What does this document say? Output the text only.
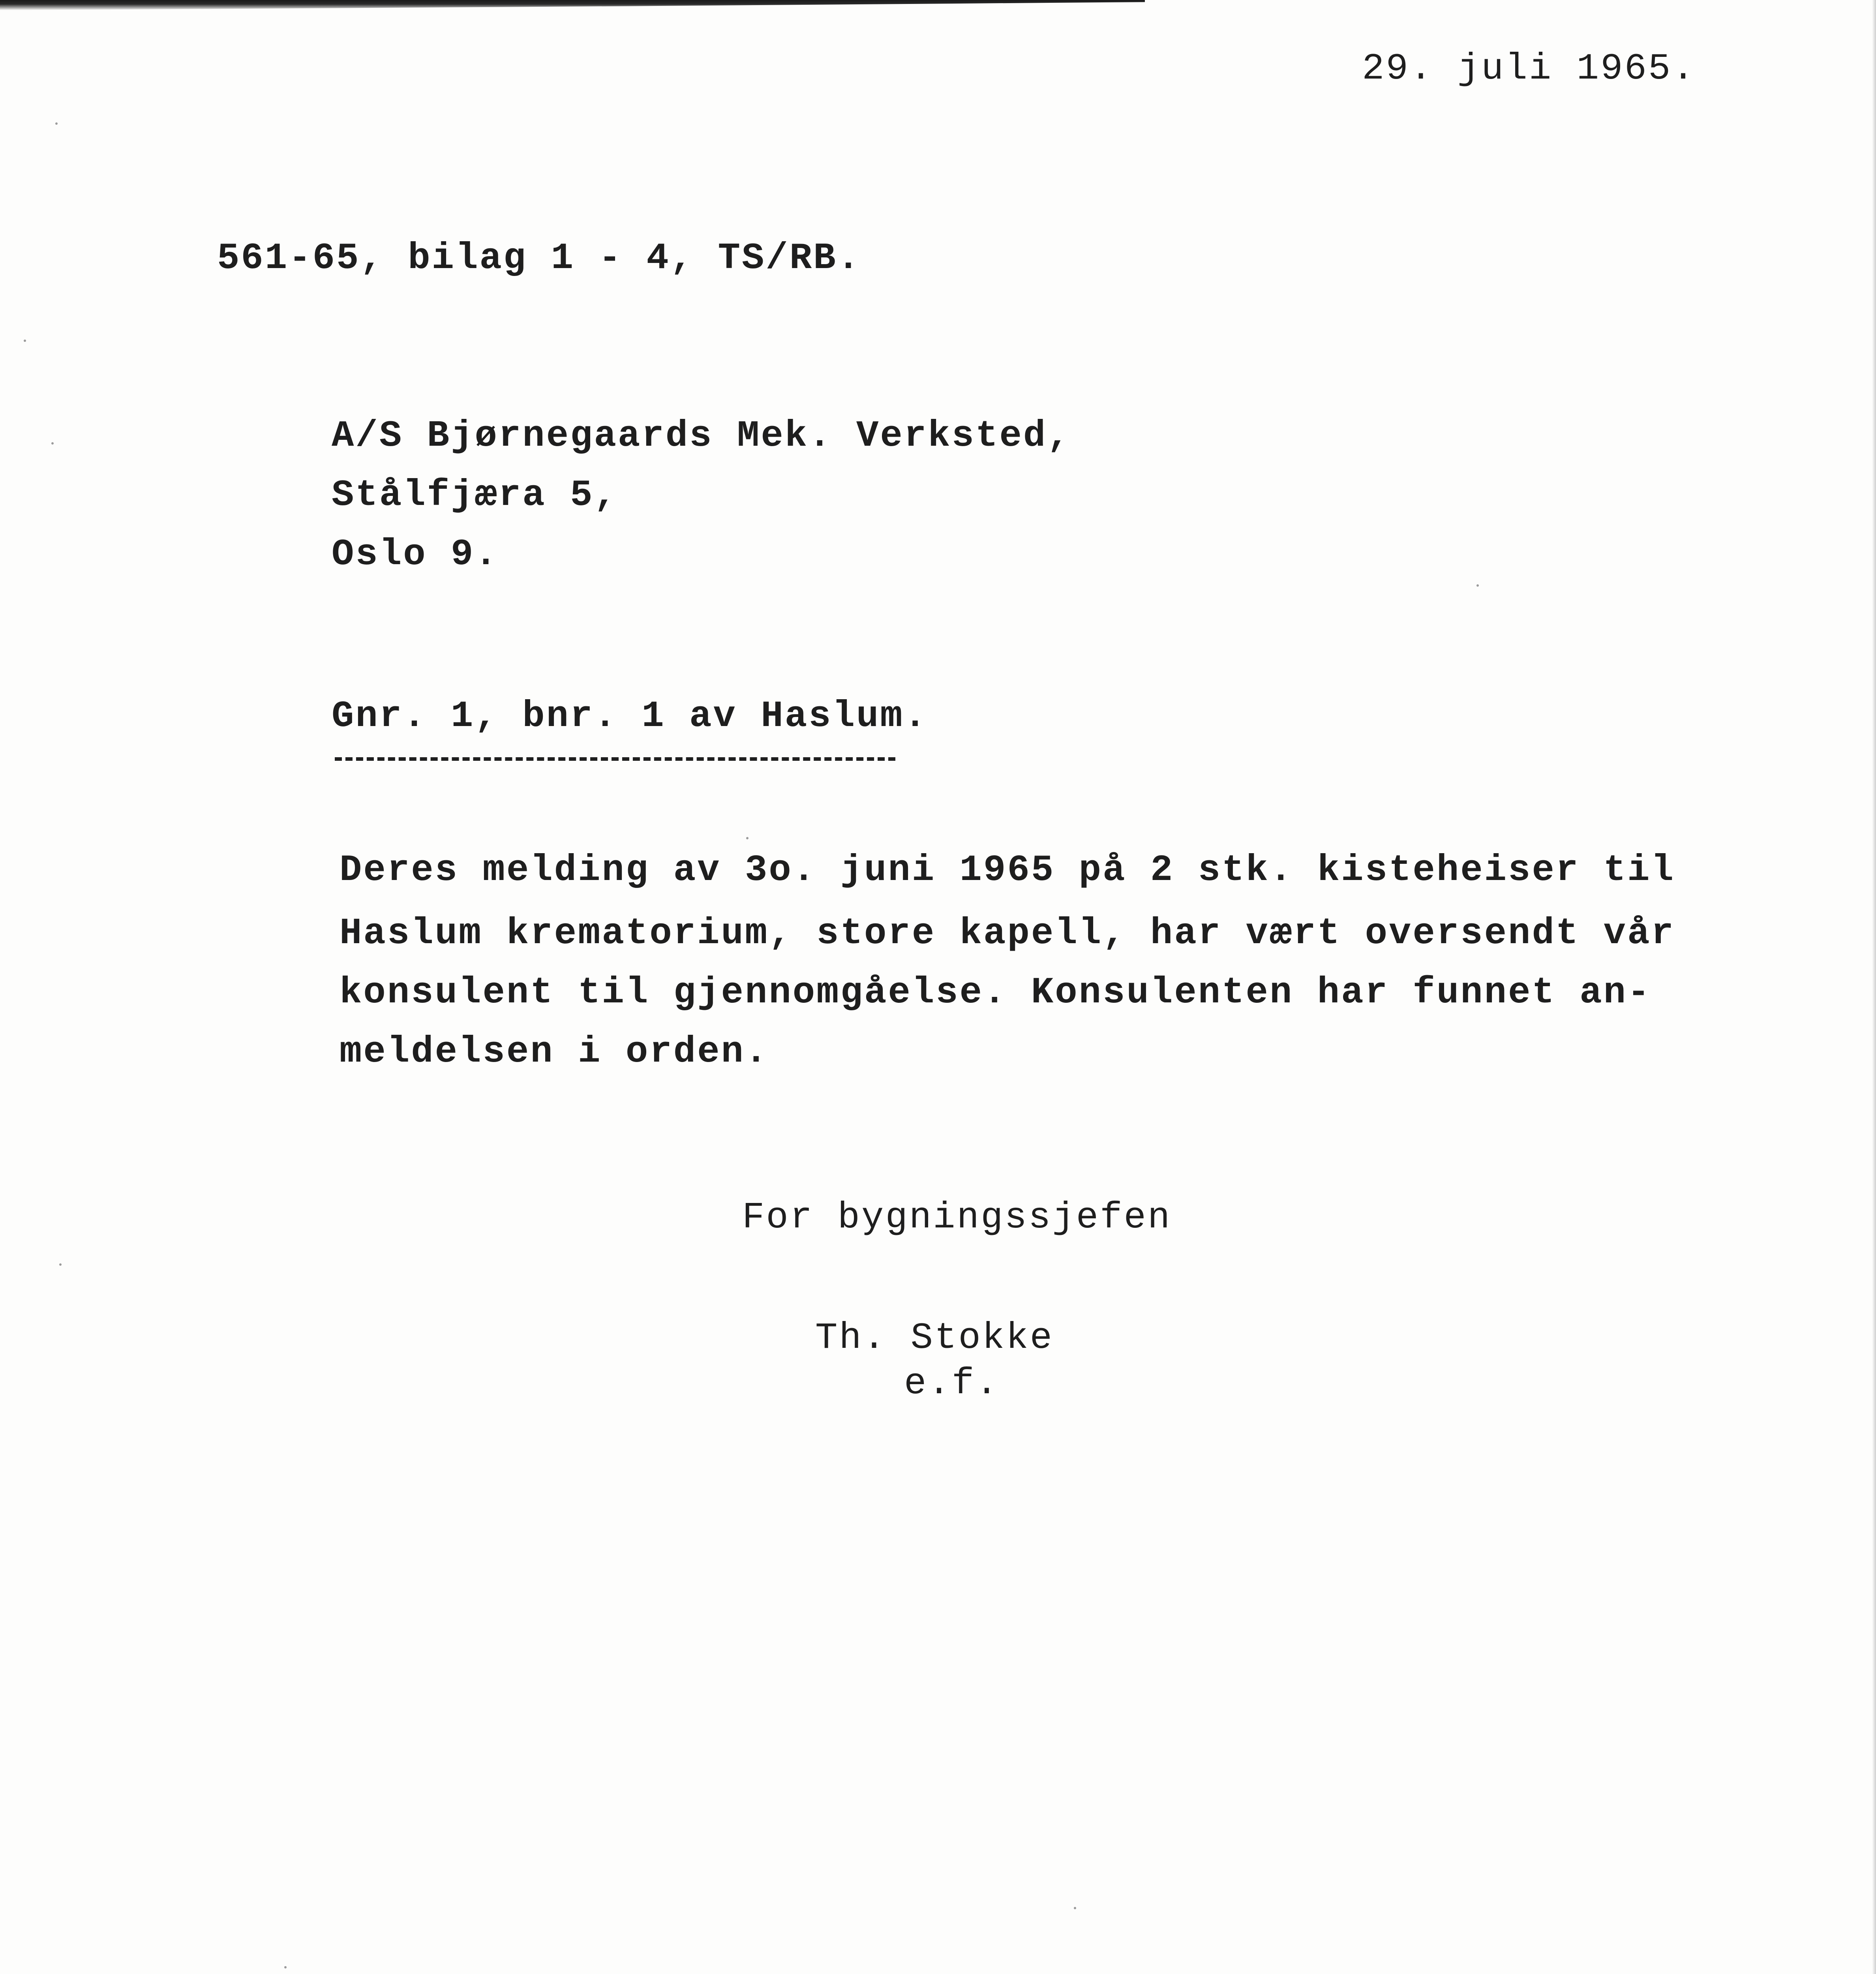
29. juli 1965.
561-65, bilag 1 - 4, TS/RB.
A/S Bjørnegaards Mek. Verksted,
Stålfjæra 5,
Oslo 9.
Gnr. 1, bnr. 1 av Haslum.
Deres melding av 3o. juni 1965 på 2 stk. kisteheiser til
Haslum krematorium, store kapell, har vært oversendt vår
konsulent til gjennomgåelse. Konsulenten har funnet an-
meldelsen i orden.
For bygningssjefen
Th. Stokke
e.f.
